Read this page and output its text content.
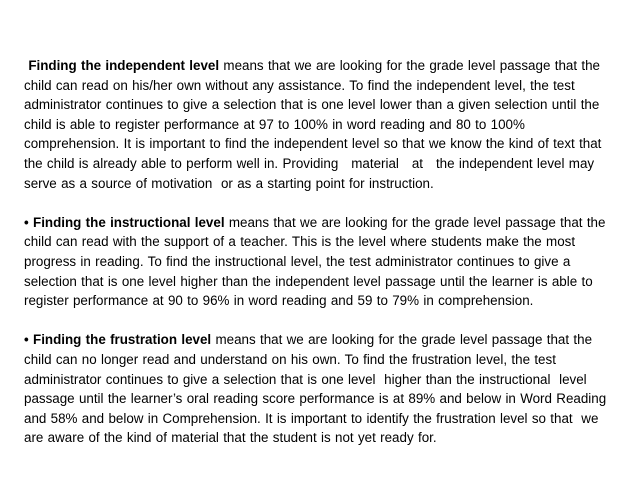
Finding the independent level means that we are looking for the grade level passage that the child can read on his/her own without any assistance. To find the independent level, the test administrator continues to give a selection that is one level lower than a given selection until the child is able to register performance at 97 to 100% in word reading and 80 to 100% comprehension. It is important to find the independent level so that we know the kind of text that the child is already able to perform well in. Providing   material   at   the independent level may  serve as a source of motivation  or as a starting point for instruction.

• Finding the instructional level means that we are looking for the grade level passage that the child can read with the support of a teacher. This is the level where students make the most progress in reading. To find the instructional level, the test administrator continues to give a selection that is one level higher than the independent level passage until the learner is able to register performance at 90 to 96% in word reading and 59 to 79% in comprehension.

• Finding the frustration level means that we are looking for the grade level passage that the child can no longer read and understand on his own. To find the frustration level, the test administrator continues to give a selection that is one level  higher than the instructional  level passage until the learner’s oral reading score performance is at 89% and below in Word Reading and 58% and below in Comprehension. It is important to identify the frustration level so that  we are aware of the kind of material that the student is not yet ready for.
